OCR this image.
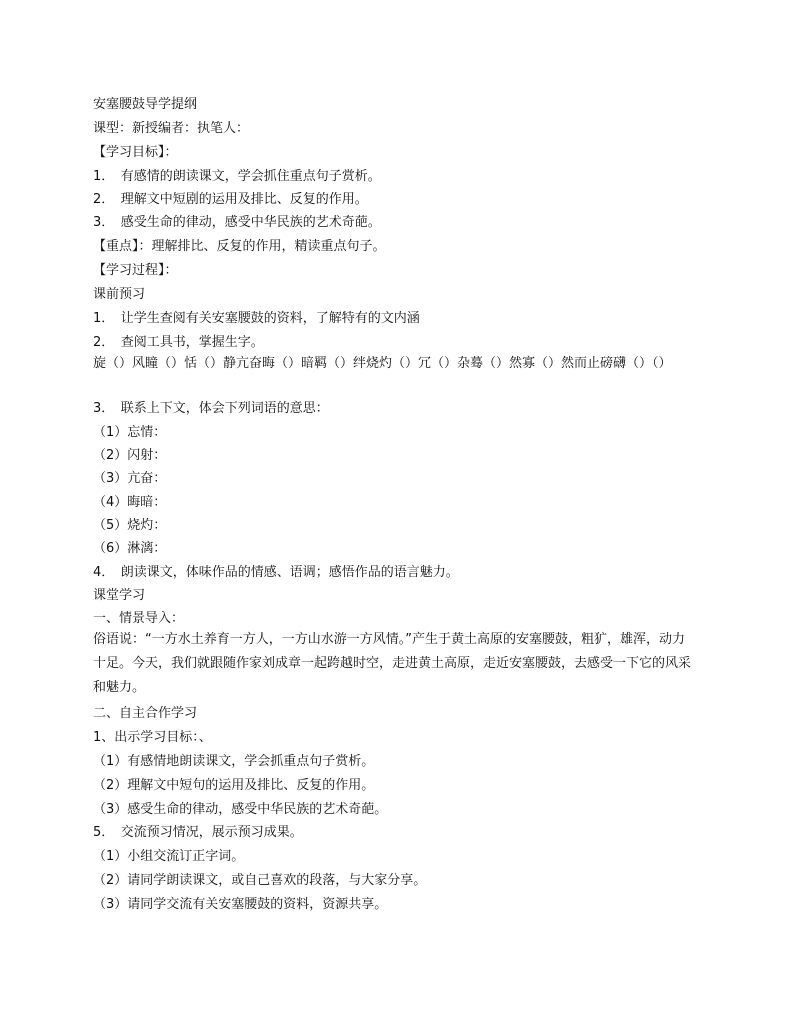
安塞腰鼓导学提纲
课型：新授编者：执笔人：
【学习目标】：
1．　有感情的朗读课文，学会抓住重点句子赏析。
2．　理解文中短剧的运用及排比、反复的作用。
3．　感受生命的律动，感受中华民族的艺术奇葩。
【重点】：理解排比、反复的作用，精读重点句子。
【学习过程】：
课前预习
1．　让学生查阅有关安塞腰鼓的资料，了解特有的文内涵
2．　查阅工具书，掌握生字。
旋（）风瞳（）恬（）静亢奋晦（）暗羁（）绊烧灼（）冗（）杂蓦（）然寡（）然而止磅礴（）（）
3．　联系上下文，体会下列词语的意思：
（1）忘情：
（2）闪射：
（3）亢奋：
（4）晦暗：
（5）烧灼：
（6）淋漓：
4．　朗读课文，体味作品的情感、语调；感悟作品的语言魅力。
课堂学习
一、情景导入：
俗语说：“一方水土养育一方人，一方山水游一方风情。”产生于黄土高原的安塞腰鼓，粗犷，雄浑，动力十足。今天，我们就跟随作家刘成章一起跨越时空，走进黄土高原，走近安塞腰鼓，去感受一下它的风采和魅力。
二、自主合作学习
1、出示学习目标：、
（1）有感情地朗读课文，学会抓重点句子赏析。
（2）理解文中短句的运用及排比、反复的作用。
（3）感受生命的律动，感受中华民族的艺术奇葩。
5．　交流预习情况，展示预习成果。
（1）小组交流订正字词。
（2）请同学朗读课文，或自己喜欢的段落，与大家分享。
（3）请同学交流有关安塞腰鼓的资料，资源共享。
